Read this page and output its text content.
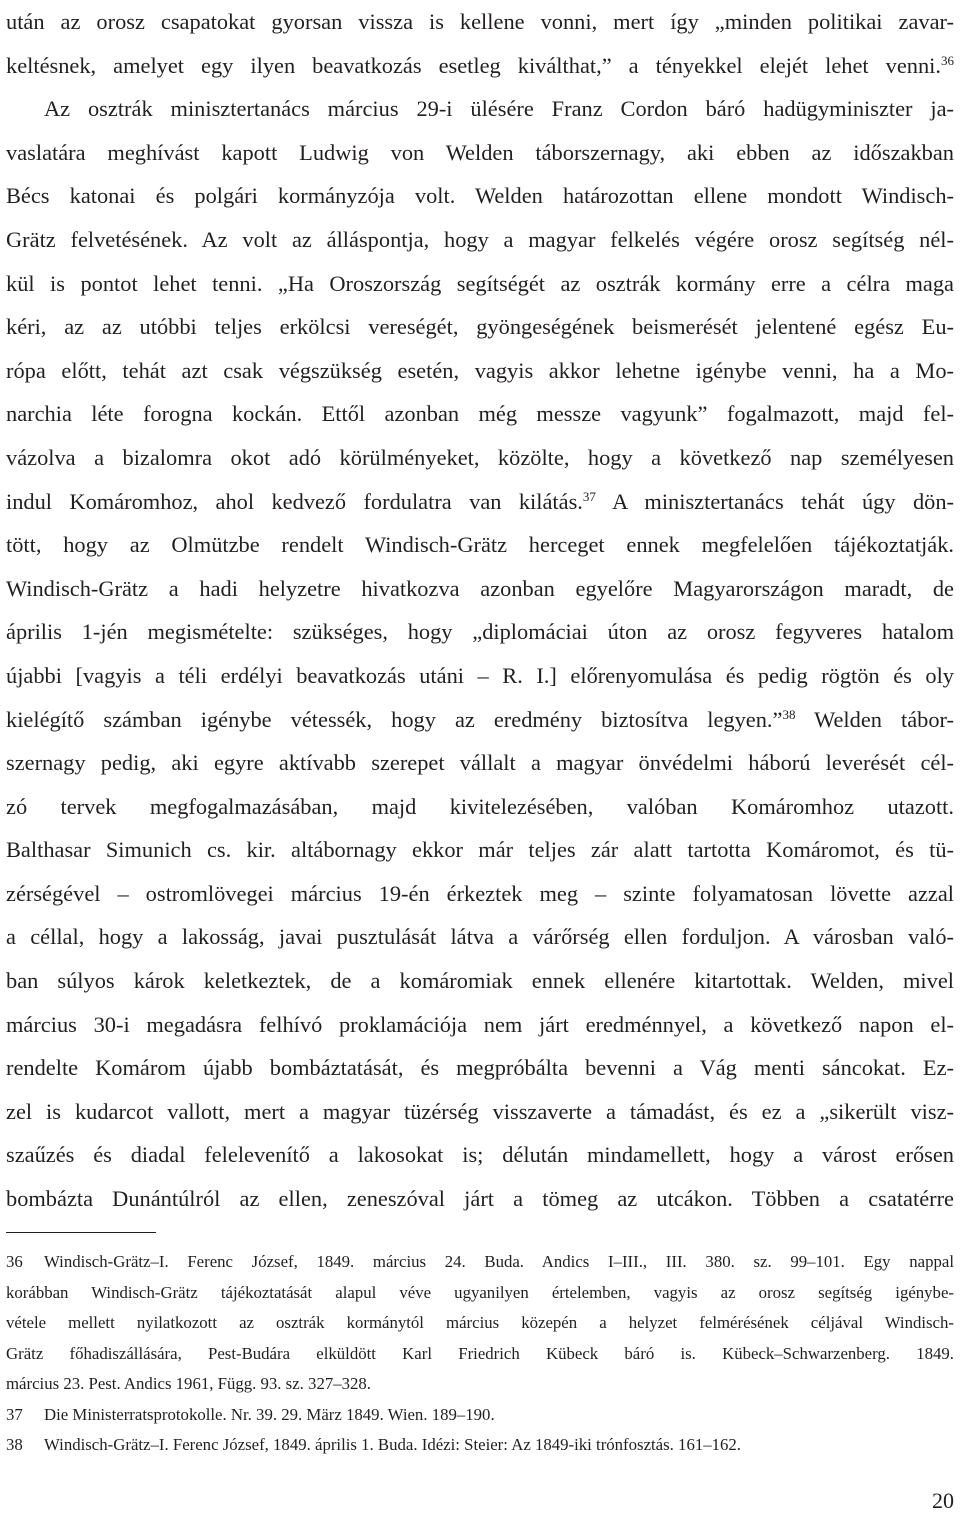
után az orosz csapatokat gyorsan vissza is kellene vonni, mert így „minden politikai zavar-
keltésnek, amelyet egy ilyen beavatkozás esetleg kiválthat,” a tényekkel elejét lehet venni.$^{36}$
Az osztrák minisztertanács március 29-i ülésére Franz Cordon báró hadügyminiszter ja-
vaslatára meghívást kapott Ludwig von Welden táborszernagy, aki ebben az időszakban
Bécs katonai és polgári kormányzója volt. Welden határozottan ellene mondott Windisch-
Grätz felvetésének. Az volt az álláspontja, hogy a magyar felkelés végére orosz segítség nél-
kül is pontot lehet tenni. „Ha Oroszország segítségét az osztrák kormány erre a célra maga
kéri, az az utóbbi teljes erkölcsi vereségét, gyöngeségének beismerését jelentené egész Eu-
rópa előtt, tehát azt csak végszükség esetén, vagyis akkor lehetne igénybe venni, ha a Mo-
narchia léte forogna kockán. Ettől azonban még messze vagyunk” fogalmazott, majd fel-
vázolva a bizalomra okot adó körülményeket, közölte, hogy a következő nap személyesen
indul Komáromhoz, ahol kedvező fordulatra van kilátás.$^{37}$ A minisztertanács tehát úgy dön-
tött, hogy az Olmützbe rendelt Windisch-Grätz herceget ennek megfelelően tájékoztatják.
Windisch-Grätz a hadi helyzetre hivatkozva azonban egyelőre Magyarországon maradt, de
április 1-jén megismételte: szükséges, hogy „diplomáciai úton az orosz fegyveres hatalom
újabbi [vagyis a téli erdélyi beavatkozás utáni – R. I.] előrenyomulása és pedig rögtön és oly
kielégítő számban igénybe vétessék, hogy az eredmény biztosítva legyen.”$^{38}$ Welden tábor-
szernagy pedig, aki egyre aktívabb szerepet vállalt a magyar önvédelmi háború leverését cél-
zó tervek megfogalmazásában, majd kivitelezésében, valóban Komáromhoz utazott.
Balthasar Simunich cs. kir. altábornagy ekkor már teljes zár alatt tartotta Komáromot, és tü-
zérségével – ostromlövegei március 19-én érkeztek meg – szinte folyamatosan lövette azzal
a céllal, hogy a lakosság, javai pusztulását látva a várőrség ellen forduljon. A városban való-
ban súlyos károk keletkeztek, de a komáromiak ennek ellenére kitartottak. Welden, mivel
március 30-i megadásra felhívó proklamációja nem járt eredménnyel, a következő napon el-
rendelte Komárom újabb bombáztatását, és megpróbálta bevenni a Vág menti sáncokat. Ez-
zel is kudarcot vallott, mert a magyar tüzérség visszaverte a támadást, és ez a „sikerült visz-
szaűzés és diadal felelevenítő a lakosokat is; délután mindamellett, hogy a várost erősen
bombázta Dunántúlról az ellen, zeneszóval járt a tömeg az utcákon. Többen a csatatérre
36 Windisch-Grätz–I. Ferenc József, 1849. március 24. Buda. Andics I–III., III. 380. sz. 99–101. Egy nappal
korábban Windisch-Grätz tájékoztatását alapul véve ugyanilyen értelemben, vagyis az orosz segítség igénybe-
vétele mellett nyilatkozott az osztrák kormánytól március közepén a helyzet felmérésének céljával Windisch-
Grätz főhadiszállására, Pest-Budára elküldött Karl Friedrich Kübeck báró is. Kübeck–Schwarzenberg. 1849.
március 23. Pest. Andics 1961, Függ. 93. sz. 327–328.
37 Die Ministerratsprotokolle. Nr. 39. 29. März 1849. Wien. 189–190.
38 Windisch-Grätz–I. Ferenc József, 1849. április 1. Buda. Idézi: Steier: Az 1849-iki trónfosztás. 161–162.
20
